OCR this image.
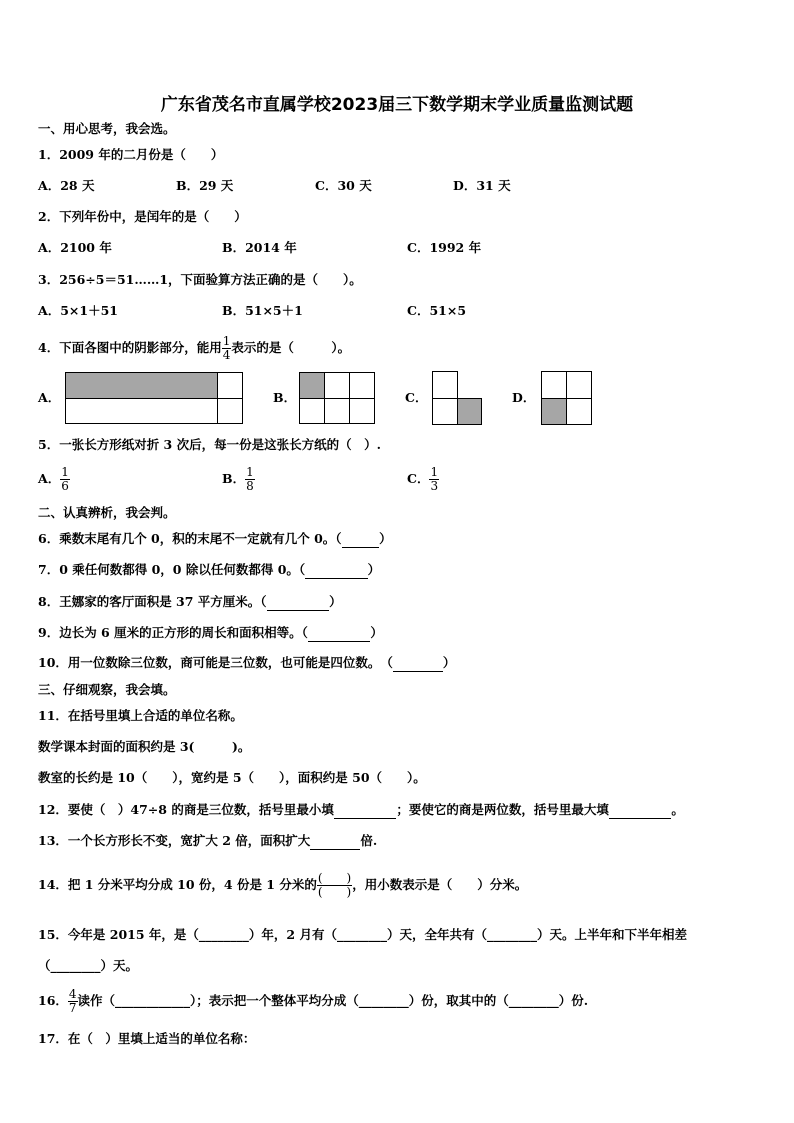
广东省茂名市直属学校2023届三下数学期末学业质量监测试题
一、用心思考，我会选。
1．2009 年的二月份是（　　）
A．28 天	B．29 天	C．30 天	D．31 天
2．下列年份中，是闰年的是（　　）
A．2100 年	B．2014 年	C．1992 年
3．256÷5＝51……1，下面验算方法正确的是（　　）。
A．5×1＋51	B．51×5＋1	C．51×5
4．下面各图中的阴影部分，能用 $\frac{1}{4}$ 表示的是（　　　）。
A．	B．	C．	D．
5．一张长方形纸对折 3 次后，每一份是这张长方纸的（　）.
A． $\frac{1}{6}$	B． $\frac{1}{8}$	C． $\frac{1}{3}$
二、认真辨析，我会判。
6．乘数末尾有几个 0，积的末尾不一定就有几个 0。（　　　	）
7．0 乘任何数都得 0，0 除以任何数都得 0。（　　　　　	）
8．王娜家的客厅面积是 37 平方厘米。（　　　　　	）
9．边长为 6 厘米的正方形的周长和面积相等。（　　　　　	）
10．用一位数除三位数，商可能是三位数，也可能是四位数。　（　　　　	）
三、仔细观察，我会填。
11．在括号里填上合适的单位名称。
数学课本封面的面积约是 3(　　　)。
教室的长约是 10（　　），宽约是 5（　　），面积约是 50（　　）。
12．要使（　）47÷8 的商是三位数，括号里最小填　　　　　	；要使它的商是两位数，括号里最大填　　　　　	。
13．一个长方形长不变，宽扩大 2 倍，面积扩大　　　　	倍.
14．把 1 分米平均分成 10 份，4 份是 1 分米的 $\frac{( )}{( )}$ ，用小数表示是（　　）分米。
15．今年是 2015 年，是（________）年，2 月有（________）天，全年共有（________）天。上半年和下半年相差
（________）天。
16． $\frac{4}{7}$ 读作（____________）；表示把一个整体平均分成（________）份，取其中的（________）份.
17．在（　）里填上适当的单位名称：
